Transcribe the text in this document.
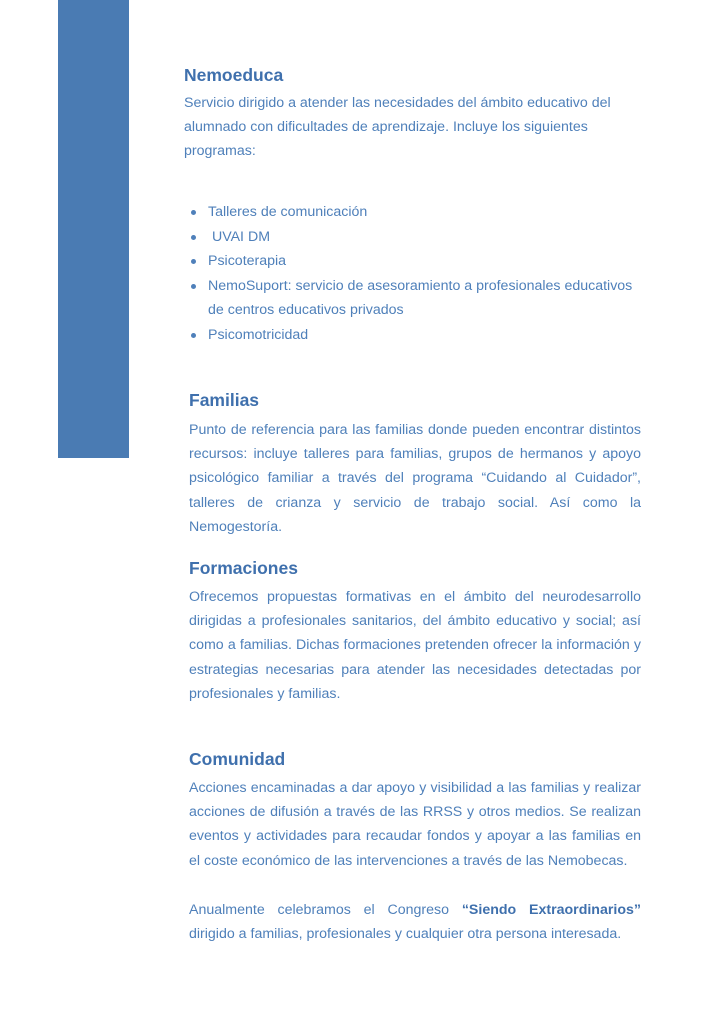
Nemoeduca

Servicio dirigido a atender las necesidades del ámbito educativo del alumnado con dificultades de aprendizaje. Incluye los siguientes programas:

Talleres de comunicación
UVAI DM
Psicoterapia
NemoSuport: servicio de asesoramiento a profesionales educativos de centros educativos privados
Psicomotricidad
Familias

Punto de referencia para las familias donde pueden encontrar distintos recursos: incluye talleres para familias, grupos de hermanos y apoyo psicológico familiar a través del programa “Cuidando al Cuidador”, talleres de crianza y servicio de trabajo social. Así como la Nemogestoría.

Formaciones

Ofrecemos propuestas formativas en el ámbito del neurodesarrollo dirigidas a profesionales sanitarios, del ámbito educativo y social; así como a familias. Dichas formaciones pretenden ofrecer la información y estrategias necesarias para atender las necesidades detectadas por profesionales y familias.

Comunidad

Acciones encaminadas a dar apoyo y visibilidad a las familias y realizar acciones de difusión a través de las RRSS y otros medios. Se realizan eventos y actividades para recaudar fondos y apoyar a las familias en el coste económico de las intervenciones a través de las Nemobecas.

Anualmente celebramos el Congreso “Siendo Extraordinarios” dirigido a familias, profesionales y cualquier otra persona interesada.
